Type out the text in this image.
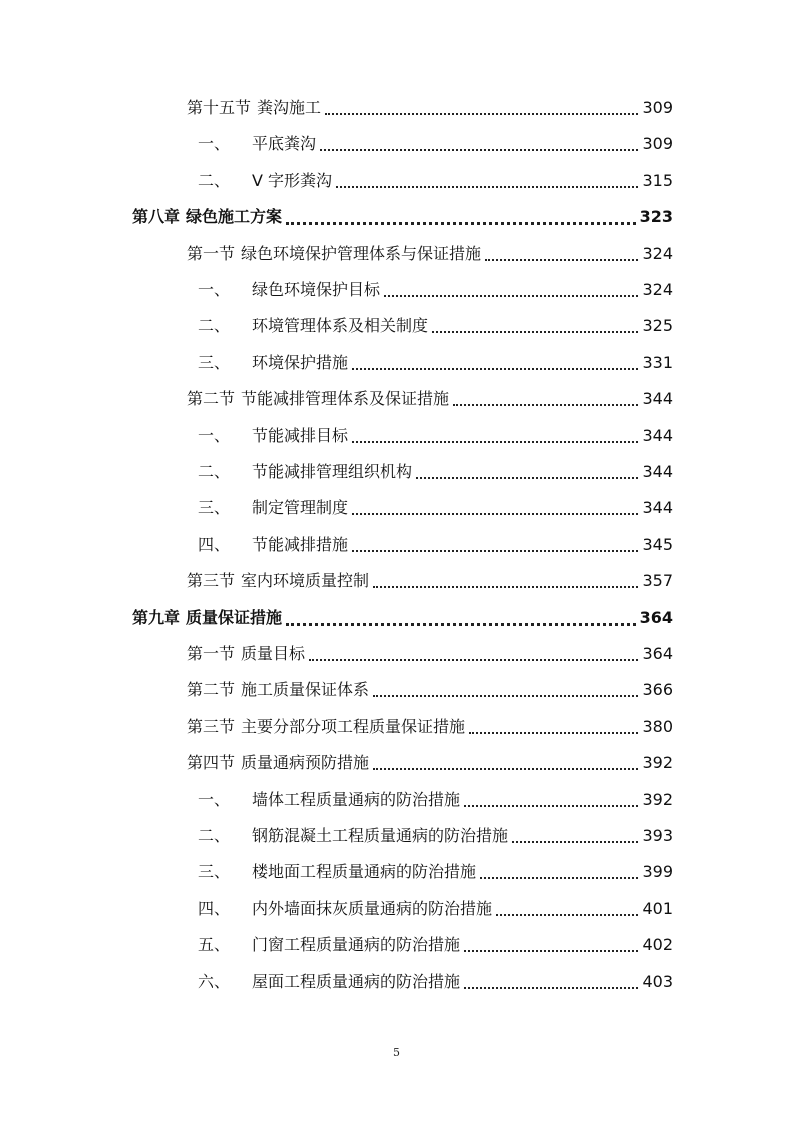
第十五节 粪沟施工	309
一、 平底粪沟	309
二、 V 字形粪沟	315
第八章 绿色施工方案	323
第一节 绿色环境保护管理体系与保证措施	324
一、 绿色环境保护目标	324
二、 环境管理体系及相关制度	325
三、 环境保护措施	331
第二节 节能减排管理体系及保证措施	344
一、 节能减排目标	344
二、 节能减排管理组织机构	344
三、 制定管理制度	344
四、 节能减排措施	345
第三节 室内环境质量控制	357
第九章 质量保证措施	364
第一节 质量目标	364
第二节 施工质量保证体系	366
第三节 主要分部分项工程质量保证措施	380
第四节 质量通病预防措施	392
一、 墙体工程质量通病的防治措施	392
二、 钢筋混凝土工程质量通病的防治措施	393
三、 楼地面工程质量通病的防治措施	399
四、 内外墙面抹灰质量通病的防治措施	401
五、 门窗工程质量通病的防治措施	402
六、 屋面工程质量通病的防治措施	403
5
